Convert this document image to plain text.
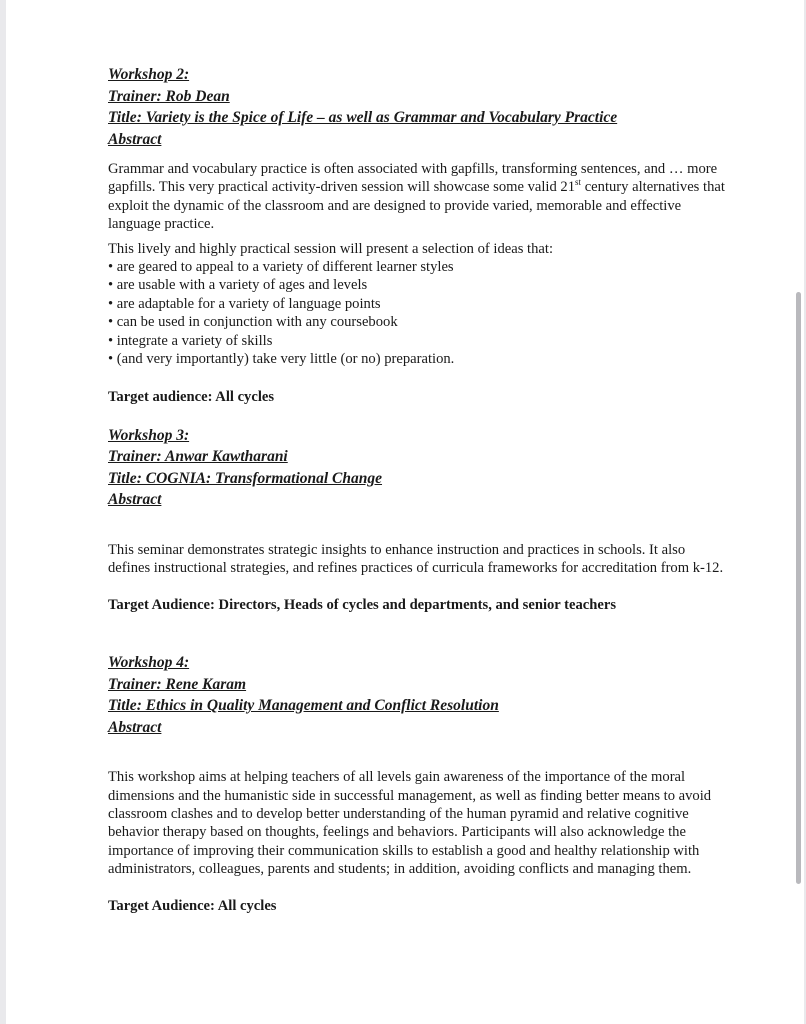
Workshop 2:
Trainer: Rob Dean
Title: Variety is the Spice of Life – as well as Grammar and Vocabulary Practice
Abstract

Grammar and vocabulary practice is often associated with gapfills, transforming sentences, and … more gapfills. This very practical activity-driven session will showcase some valid 21st century alternatives that exploit the dynamic of the classroom and are designed to provide varied, memorable and effective language practice.

This lively and highly practical session will present a selection of ideas that:

• are geared to appeal to a variety of different learner styles
• are usable with a variety of ages and levels
• are adaptable for a variety of language points
• can be used in conjunction with any coursebook
• integrate a variety of skills
• (and very importantly) take very little (or no) preparation.

Target audience: All cycles

Workshop 3:
Trainer: Anwar Kawtharani
Title: COGNIA: Transformational Change
Abstract

This seminar demonstrates strategic insights to enhance instruction and practices in schools. It also defines instructional strategies, and refines practices of curricula frameworks for accreditation from k-12.

Target Audience: Directors, Heads of cycles and departments, and senior teachers

Workshop 4:
Trainer: Rene Karam
Title: Ethics in Quality Management and Conflict Resolution
Abstract

This workshop aims at helping teachers of all levels gain awareness of the importance of the moral dimensions and the humanistic side in successful management, as well as finding better means to avoid classroom clashes and to develop better understanding of the human pyramid and relative cognitive behavior therapy based on thoughts, feelings and behaviors. Participants will also acknowledge the importance of improving their communication skills to establish a good and healthy relationship with administrators, colleagues, parents and students; in addition, avoiding conflicts and managing them.

Target Audience: All cycles
